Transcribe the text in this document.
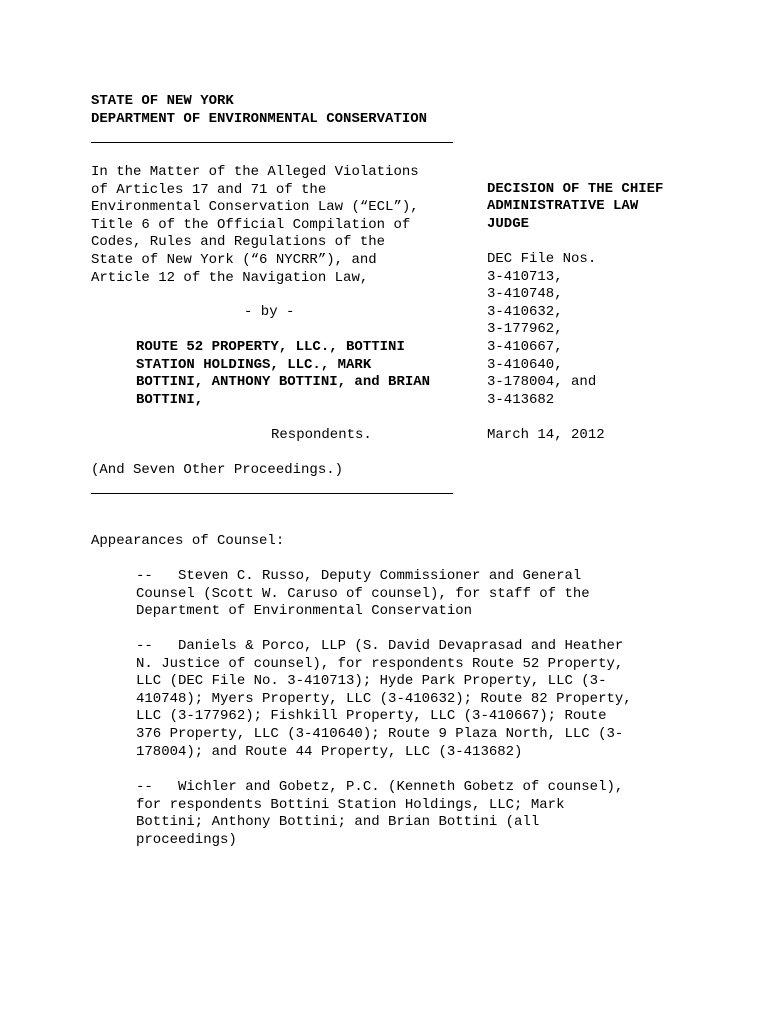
STATE OF NEW YORK
DEPARTMENT OF ENVIRONMENTAL CONSERVATION
In the Matter of the Alleged Violations
of Articles 17 and 71 of the
Environmental Conservation Law (“ECL”),
Title 6 of the Official Compilation of
Codes, Rules and Regulations of the
State of New York (“6 NYCRR”), and
Article 12 of the Navigation Law,
- by -
ROUTE 52 PROPERTY, LLC., BOTTINI
STATION HOLDINGS, LLC., MARK
BOTTINI, ANTHONY BOTTINI, and BRIAN
BOTTINI,
Respondents.
(And Seven Other Proceedings.)
DECISION OF THE CHIEF
ADMINISTRATIVE LAW
JUDGE
DEC File Nos.
3-410713,
3-410748,
3-410632,
3-177962,
3-410667,
3-410640,
3-178004, and
3-413682
March 14, 2012
Appearances of Counsel:
--   Steven C. Russo, Deputy Commissioner and General
Counsel (Scott W. Caruso of counsel), for staff of the
Department of Environmental Conservation
--   Daniels & Porco, LLP (S. David Devaprasad and Heather
N. Justice of counsel), for respondents Route 52 Property,
LLC (DEC File No. 3-410713); Hyde Park Property, LLC (3-
410748); Myers Property, LLC (3-410632); Route 82 Property,
LLC (3-177962); Fishkill Property, LLC (3-410667); Route
376 Property, LLC (3-410640); Route 9 Plaza North, LLC (3-
178004); and Route 44 Property, LLC (3-413682)
--   Wichler and Gobetz, P.C. (Kenneth Gobetz of counsel),
for respondents Bottini Station Holdings, LLC; Mark
Bottini; Anthony Bottini; and Brian Bottini (all
proceedings)
